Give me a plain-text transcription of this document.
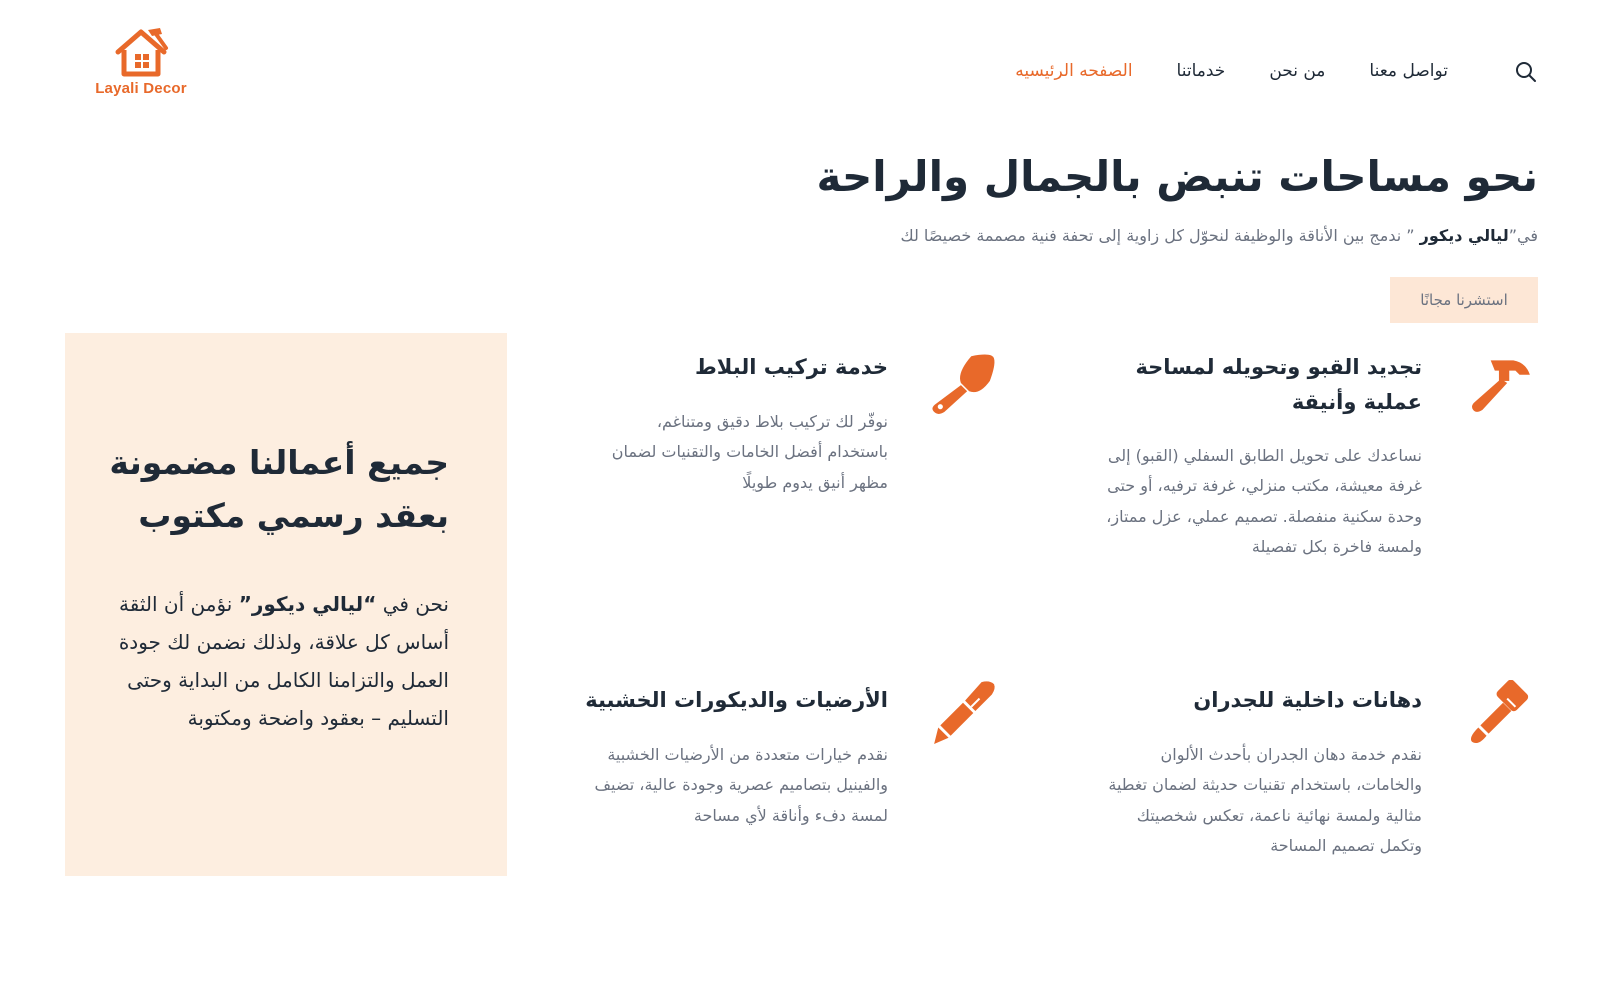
Layali Decor
الصفحه الرئيسيه	خدماتنا	من نحن	تواصل معنا
نحو مساحات تنبض بالجمال والراحة

في”ليالي ديكور ” ندمج بين الأناقة والوظيفة لنحوّل كل زاوية إلى تحفة فنية مصممة خصيصًا لك

استشرنا مجانًا
جميع أعمالنا مضمونة بعقد رسمي مكتوب

نحن في “ليالي ديكور” نؤمن أن الثقة أساس كل علاقة، ولذلك نضمن لك جودة العمل والتزامنا الكامل من البداية وحتى التسليم – بعقود واضحة ومكتوبة

تجديد القبو وتحويله لمساحة عملية وأنيقة

نساعدك على تحويل الطابق السفلي (القبو) إلى غرفة معيشة، مكتب منزلي، غرفة ترفيه، أو حتى وحدة سكنية منفصلة. تصميم عملي، عزل ممتاز، ولمسة فاخرة بكل تفصيلة

خدمة تركيب البلاط

نوفّر لك تركيب بلاط دقيق ومتناغم، باستخدام أفضل الخامات والتقنيات لضمان مظهر أنيق يدوم طويلًا

دهانات داخلية للجدران

نقدم خدمة دهان الجدران بأحدث الألوان والخامات، باستخدام تقنيات حديثة لضمان تغطية مثالية ولمسة نهائية ناعمة، تعكس شخصيتك وتكمل تصميم المساحة

الأرضيات والديكورات الخشبية

نقدم خيارات متعددة من الأرضيات الخشبية والفينيل بتصاميم عصرية وجودة عالية، تضيف لمسة دفء وأناقة لأي مساحة
